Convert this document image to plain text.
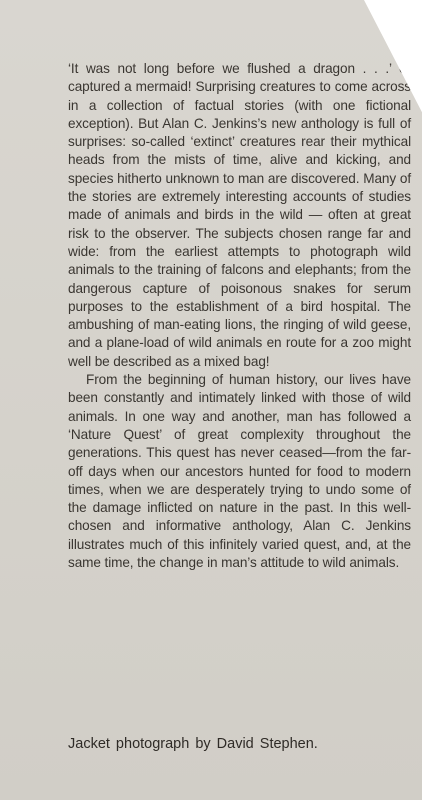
‘It was not long before we flushed a dragon . . .’ or captured a mermaid! Surprising creatures to come across in a collection of factual stories (with one fictional exception). But Alan C. Jenkins’s new anthology is full of surprises: so-called ‘extinct’ creatures rear their mythical heads from the mists of time, alive and kicking, and species hitherto unknown to man are discovered. Many of the stories are extremely interesting accounts of studies made of animals and birds in the wild — often at great risk to the observer. The subjects chosen range far and wide: from the earliest attempts to photograph wild animals to the training of falcons and elephants; from the dangerous capture of poisonous snakes for serum purposes to the establishment of a bird hospital. The ambushing of man-eating lions, the ringing of wild geese, and a plane-load of wild animals en route for a zoo might well be described as a mixed bag!

From the beginning of human history, our lives have been constantly and intimately linked with those of wild animals. In one way and another, man has followed a ‘Nature Quest’ of great complexity throughout the generations. This quest has never ceased—from the far-off days when our ancestors hunted for food to modern times, when we are desperately trying to undo some of the damage inflicted on nature in the past. In this well-chosen and informative anthology, Alan C. Jenkins illustrates much of this infinitely varied quest, and, at the same time, the change in man’s attitude to wild animals.

Jacket photograph by David Stephen.
